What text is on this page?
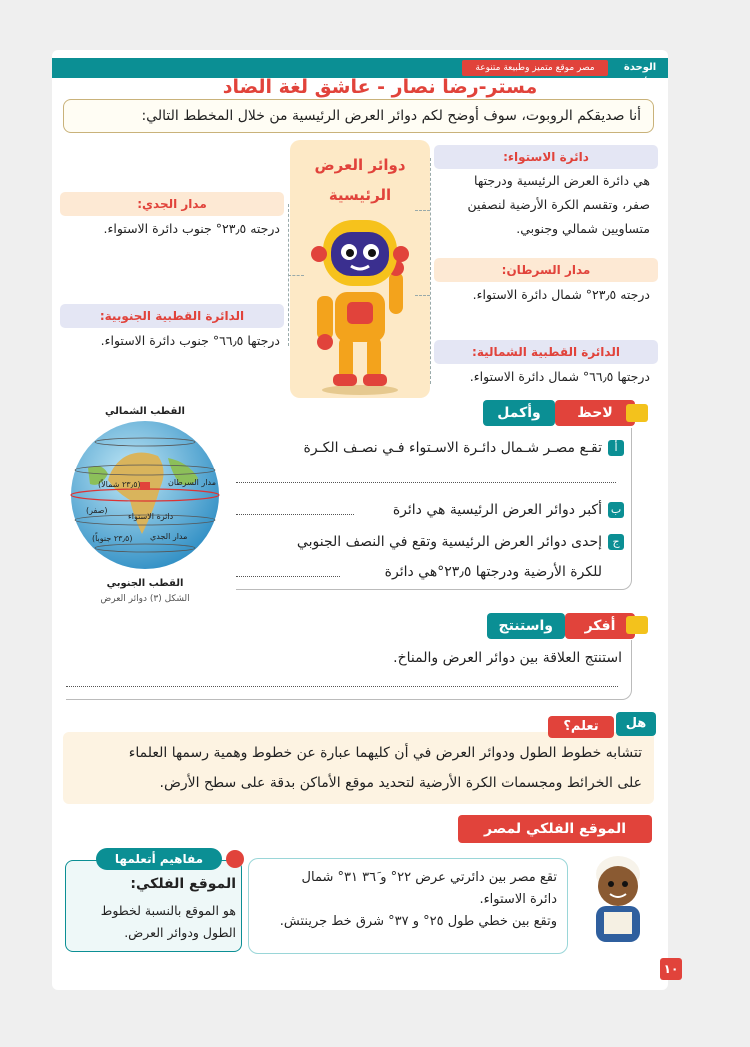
الوحدة الأولى
مصر موقع متميز وطبيعة متنوعة
مستر-رضا نصار - عاشق لغة الضاد
أنا صديقكم الروبوت، سوف أوضح لكم دوائر العرض الرئيسية من خلال المخطط التالي:
دوائر العرض
الرئيسية
دائرة الاستواء:
هي دائرة العرض الرئيسية ودرجتها
صفر، وتقسم الكرة الأرضية لنصفين
متساويين شمالي وجنوبي.
مدار السرطان:
درجته ٢٣٫٥° شمال دائرة الاستواء.
الدائرة القطبية الشمالية:
درجتها ٦٦٫٥° شمال دائرة الاستواء.
مدار الجدي:
درجته ٢٣٫٥° جنوب دائرة الاستواء.
الدائرة القطبية الجنوبية:
درجتها ٦٦٫٥° جنوب دائرة الاستواء.
القطب الشمالي
مدار السرطان
(٢٣٫٥ شمالاً)
دائرة الاستواء
(صفر)
مدار الجدي
(٢٣٫٥ جنوباً)
القطب الجنوبي
الشكل (٣) دوائر العرض
وأكمل	لاحظ
أتقـع مصـر شـمال دائـرة الاسـتواء فـي نصـف الكـرة
بأكبر دوائر العرض الرئيسية هي دائرة
جإحدى دوائر العرض الرئيسية وتقع في النصف الجنوبي
للكرة الأرضية ودرجتها ٢٣٫٥°هي دائرة
واستنتج	أفكر
استنتج العلاقة بين دوائر العرض والمناخ.
تتشابه خطوط الطول ودوائر العرض في أن كليهما عبارة عن خطوط وهمية رسمها العلماء
على الخرائط ومجسمات الكرة الأرضية لتحديد موقع الأماكن بدقة على سطح الأرض.
هل
تعلم؟
الموقع الفلكي لمصر
تقع مصر بين دائرتي عرض ٢٢° و ٣٦َ ٣١° شمال
دائرة الاستواء.
وتقع بين خطي طول ٢٥° و ٣٧° شرق خط جرينتش.
مفاهيم أتعلمها
الموقع الفلكي:
هو الموقع بالنسبة لخطوط
الطول ودوائر العرض.
١٠
